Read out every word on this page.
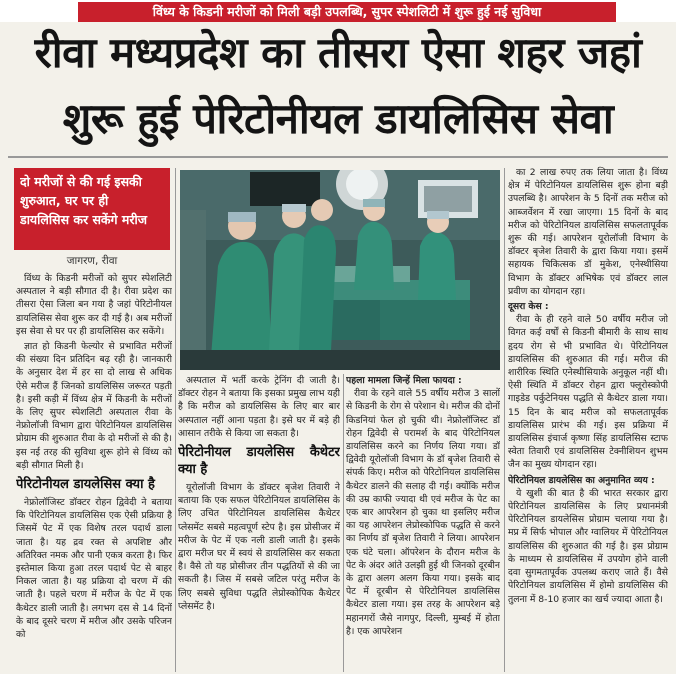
विंध्य के किडनी मरीजों को मिली बड़ी उपलब्धि, सुपर स्पेशलिटी में शुरू हुई नई सुविधा
रीवा मध्यप्रदेश का तीसरा ऐसा शहर जहां
शुरू हुई पेरिटोनीयल डायलिसिस सेवा
दो मरीजों से की गई इसकी
शुरुआत, घर पर ही
डायलिसिस कर सकेंगे मरीज
जागरण, रीवा

विंध्य के किडनी मरीजों को सुपर स्पेशलिटी अस्पताल ने बड़ी सौगात दी है। रीवा प्रदेश का तीसरा ऐसा जिला बन गया है जहां पेरिटोनीयल डायलिसिस सेवा शुरू कर दी गई है। अब मरीजों इस सेवा से घर पर ही डायलिसिस कर सकेंगे।

ज्ञात हो किडनी फेल्योर से प्रभावित मरीजों की संख्या दिन प्रतिदिन बढ़ रही है। जानकारी के अनुसार देश में हर सा दो लाख से अधिक ऐसे मरीज हैं जिनको डायलिसिस जरूरत पड़ती है। इसी कड़ी में विंध्य क्षेत्र में किडनी के मरीजों के लिए सुपर स्पेशलिटी अस्पताल रीवा के नेफ्रोलॉजी विभाग द्वारा पेरिटोनियल डायलिसिस प्रोग्राम की शुरुआत रीवा के दो मरीजों से की है। इस नई तरह की सुविधा शुरू होने से विंध्य को बड़ी सौगात मिली है।

पेरिटोनीयल डायलेसिस क्या है

नेफ्रोलॉजिस्ट डॉक्टर रोहन द्विवेदी ने बताया कि पेरिटोनियल डायलिसिस एक ऐसी प्रक्रिया है जिसमें पेट में एक विशेष तरल पदार्थ डाला जाता है। यह द्रव रक्त से अपशिष्ट और अतिरिक्त नमक और पानी एकत्र करता है। फिर इस्तेमाल किया हुआ तरल पदार्थ पेट से बाहर निकल जाता है। यह प्रक्रिया दो चरण में की जाती है। पहले चरण में मरीज के पेट में एक कैथेटर डाली जाती है। लगभग दस से 14 दिनों के बाद दूसरे चरण में मरीज और उसके परिजन को

अस्पताल में भर्ती करके ट्रेनिंग दी जाती है। डॉक्टर रोहन ने बताया कि इसका प्रमुख लाभ यही है कि मरीज को डायलिसिस के लिए बार बार अस्पताल नहीं आना पड़ता है। इसे घर में बड़े ही आसान तरीके से किया जा सकता है।

पेरिटोनीयल डायलेसिस कैथेटर क्या है

यूरोलॉजी विभाग के डॉक्टर बृजेश तिवारी ने बताया कि एक सफल पेरिटोनियल डायलिसिस के लिए उचित पेरिटोनियल डायलिसिस कैथेटर प्लेसमेंट सबसे महत्वपूर्ण स्टेप है। इस प्रोसीजर में मरीज के पेट में एक नली डाली जाती है। इसके द्वारा मरीज घर में स्वयं से डायलिसिस कर सकता है। वैसे तो यह प्रोसीजर तीन पद्धतियों से की जा सकती है। जिस में सबसे जटिल परंतु मरीज के लिए सबसे सुविधा पद्धति लेप्रोस्कोपिक कैथेटर प्लेसमेंट है।

पहला मामला जिन्हें मिला फायदा :

रीवा के रहने वाले 55 वर्षीय मरीज 3 सालों से किडनी के रोग से परेशान थे। मरीज की दोनों किडनियां फेल हो चुकी थी। नेफ्रोलॉजिस्ट डॉ रोहन द्विवेदी से परामर्श के बाद पेरिटोनियल डायलिसिस करने का निर्णय लिया गया। डॉ द्विवेदी यूरोलॉजी विभाग के डॉ बृजेश तिवारी से संपर्क किए। मरीज को पेरिटोनियल डायलिसिस कैथेटर डालने की सलाह दी गई। क्योंकि मरीज की उम्र काफी ज्यादा थी एवं मरीज के पेट का एक बार आपरेशन हो चुका था इसलिए मरीज का यह आपरेशन लेप्रोस्कोपिक पद्धति से करने का निर्णय डॉ बृजेश तिवारी ने लिया। आपरेशन एक घंटे चला। ऑपरेशन के दौरान मरीज के पेट के अंदर आंते उलझी हुई थी जिनको दूरबीन के द्वारा अलग अलग किया गया। इसके बाद पेट में दूरबीन से पेरिटोनियल डायलिसिस कैथेटर डाला गया। इस तरह के आपरेशन बड़े महानगरों जैसे नागपुर, दिल्ली, मुम्बई में होता है। एक आपरेशन

का 2 लाख रुपए तक लिया जाता है। विंध्य क्षेत्र में पेरिटोनियल डायलिसिस शुरू होना बड़ी उपलब्धि है। आपरेशन के 5 दिनों तक मरीज को आब्जर्वेशन में रखा जाएगा। 15 दिनों के बाद मरीज को पेरिटोनियल डायलिसिस सफलतापूर्वक शुरू की गई। आपरेशन यूरोलॉजी विभाग के डॉक्टर बृजेश तिवारी के द्वारा किया गया। इसमें सहायक चिकित्सक डॉ मुकेश, एनेस्थीसिया विभाग के डॉक्टर अभिषेक एवं डॉक्टर लाल प्रवीण का योगदान रहा।

दूसरा केस :

रीवा के ही रहने वाले 50 वर्षीय मरीज जो विगत कई वर्षों से किडनी बीमारी के साथ साथ हृदय रोग से भी प्रभावित थे। पेरिटोनियल डायलिसिस की शुरुआत की गई। मरीज की शारीरिक स्थिति एनेस्थीसियाके अनुकूल नहीं थी। ऐसी स्थिति में डॉक्टर रोहन द्वारा फ्लूरोस्कोपी गाइडेड पर्कुटेनियस पद्धति से कैथेटर डाला गया। 15 दिन के बाद मरीज को सफलतापूर्वक डायलिसिस प्रारंभ की गई। इस प्रक्रिया में डायलिसिस इंचार्ज कृष्णा सिंह डायलिसिस स्टाफ स्वेता तिवारी एवं डायलिसिस टेक्नीशियन शुभम जैन का मुख्य योगदान रहा।

पेरिटोनियल डायलेसिस का अनुमानित व्यय :

ये खुशी की बात है की भारत सरकार द्वारा पेरिटोनियल डायलिसिस के लिए प्रधानमंत्री पेरिटोनियल डायलेसिस प्रोग्राम चलाया गया है। मप्र में सिर्फ भोपाल और ग्वालियर में पेरिटोनियल डायलिसिस की शुरुआत की गई है। इस प्रोग्राम के माध्यम से डायलिसिस में उपयोग होने वाली दवा सुगमतापूर्वक उपलब्ध कराए जाते हैं। वैसे पेरिटोनियल डायलिसिस में होमो डायलिसिस की तुलना में 8-10 हजार का खर्च ज्यादा आता है।
